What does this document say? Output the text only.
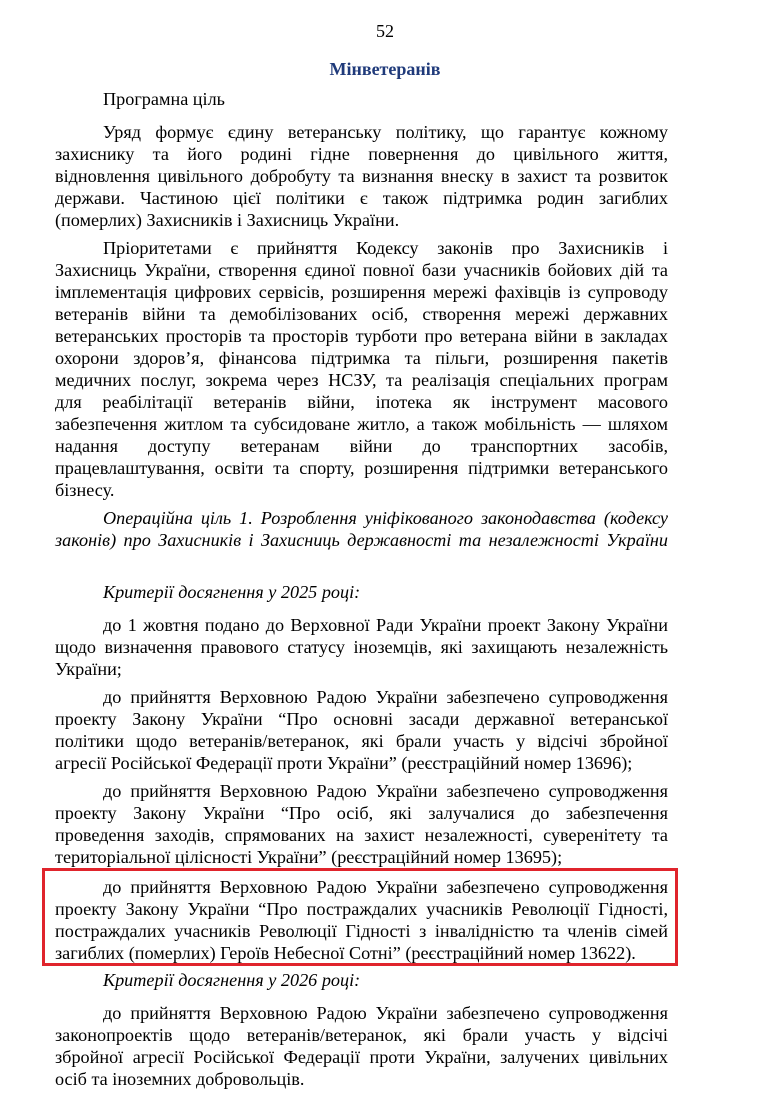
52
Мінветеранів
Програмна ціль
Уряд формує єдину ветеранську політику, що гарантує кожному
захиснику та його родині гідне повернення до цивільного життя,
відновлення цивільного добробуту та визнання внеску в захист та розвиток
держави. Частиною цієї політики є також підтримка родин загиблих
(померлих) Захисників і Захисниць України.
Пріоритетами є прийняття Кодексу законів про Захисників і
Захисниць України, створення єдиної повної бази учасників бойових дій та
імплементація цифрових сервісів, розширення мережі фахівців із супроводу
ветеранів війни та демобілізованих осіб, створення мережі державних
ветеранських просторів та просторів турботи про ветерана війни в закладах
охорони здоров’я, фінансова підтримка та пільги, розширення пакетів
медичних послуг, зокрема через НСЗУ, та реалізація спеціальних програм
для реабілітації ветеранів війни, іпотека як інструмент масового
забезпечення житлом та субсидоване житло, а також мобільність — шляхом
надання доступу ветеранам війни до транспортних засобів,
працевлаштування, освіти та спорту, розширення підтримки ветеранського
бізнесу.
Операційна ціль 1. Розроблення уніфікованого законодавства (кодексу
законів) про Захисників і Захисниць державності та незалежності України
Критерії досягнення у 2025 році:
до 1 жовтня подано до Верховної Ради України проект Закону України
щодо визначення правового статусу іноземців, які захищають незалежність
України;
до прийняття Верховною Радою України забезпечено супроводження
проекту Закону України “Про основні засади державної ветеранської
політики щодо ветеранів/ветеранок, які брали участь у відсічі збройної
агресії Російської Федерації проти України” (реєстраційний номер 13696);
до прийняття Верховною Радою України забезпечено супроводження
проекту Закону України “Про осіб, які залучалися до забезпечення
проведення заходів, спрямованих на захист незалежності, суверенітету та
територіальної цілісності України” (реєстраційний номер 13695);
до прийняття Верховною Радою України забезпечено супроводження
проекту Закону України “Про постраждалих учасників Революції Гідності,
постраждалих учасників Революції Гідності з інвалідністю та членів сімей
загиблих (померлих) Героїв Небесної Сотні” (реєстраційний номер 13622).
Критерії досягнення у 2026 році:
до прийняття Верховною Радою України забезпечено супроводження
законопроектів щодо ветеранів/ветеранок, які брали участь у відсічі
збройної агресії Російської Федерації проти України, залучених цивільних
осіб та іноземних добровольців.
